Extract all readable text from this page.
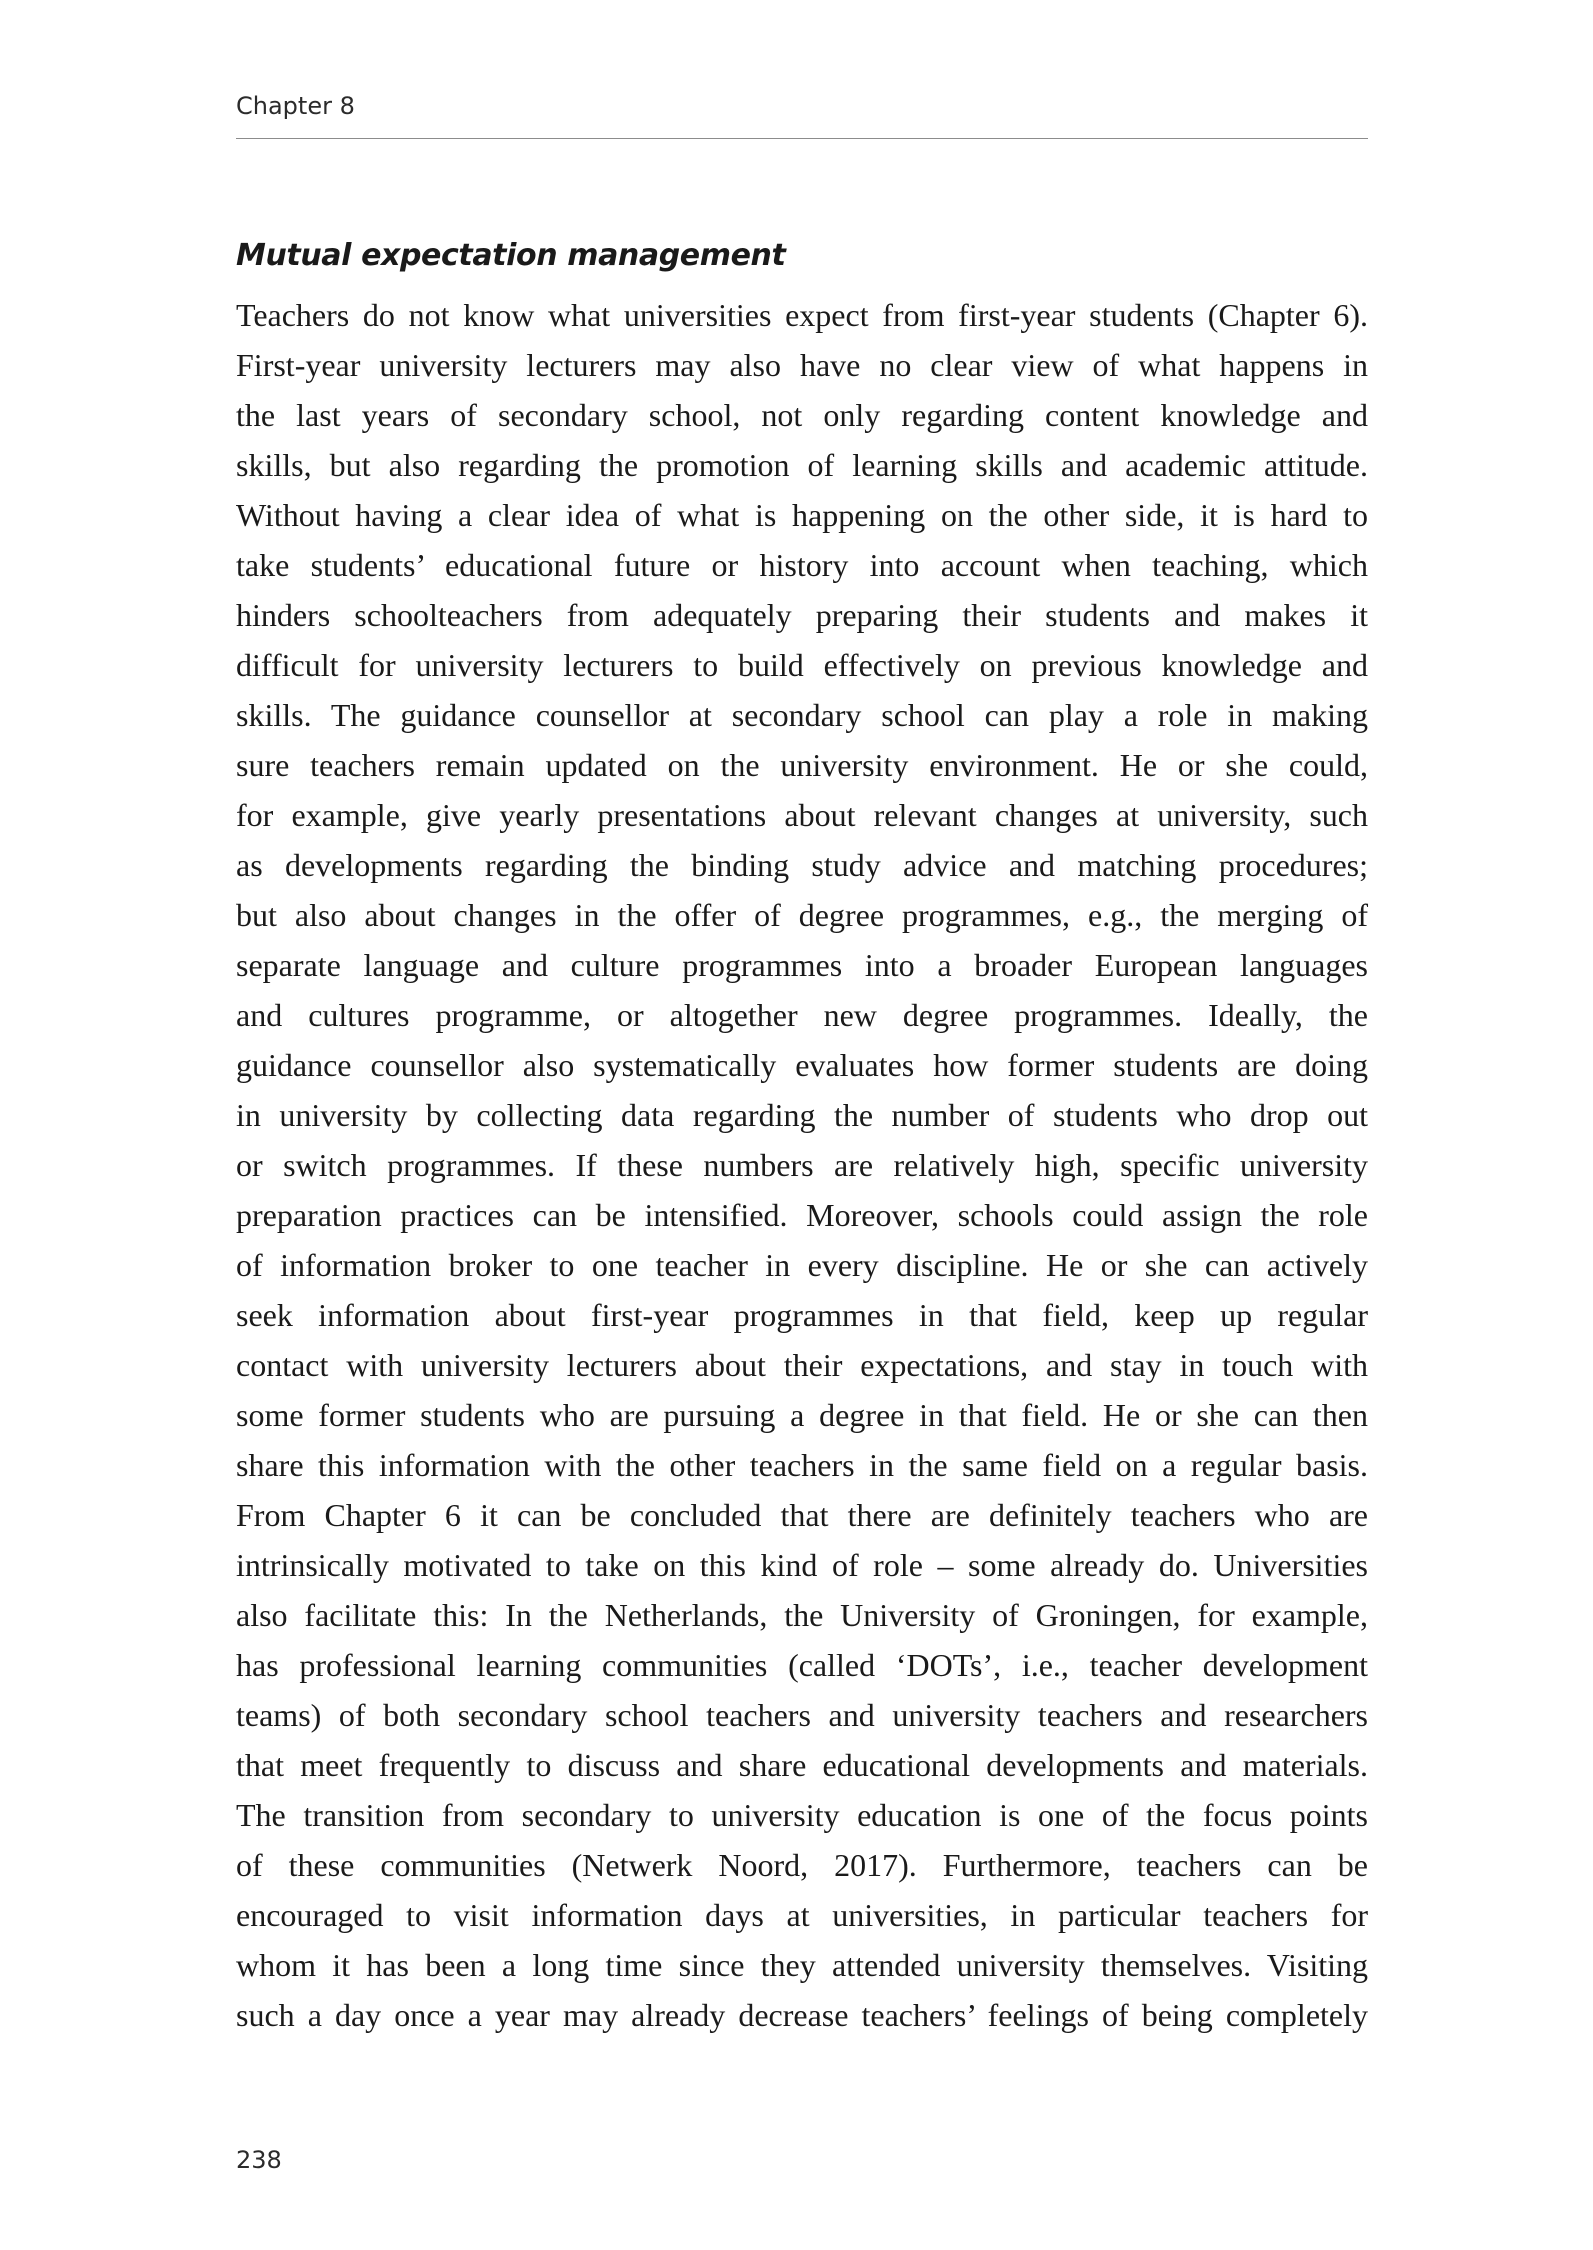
Chapter 8
Mutual expectation management
Teachers do not know what universities expect from first-year students (Chapter 6).
First-year university lecturers may also have no clear view of what happens in
the last years of secondary school, not only regarding content knowledge and
skills, but also regarding the promotion of learning skills and academic attitude.
Without having a clear idea of what is happening on the other side, it is hard to
take students’ educational future or history into account when teaching, which
hinders schoolteachers from adequately preparing their students and makes it
difficult for university lecturers to build effectively on previous knowledge and
skills. The guidance counsellor at secondary school can play a role in making
sure teachers remain updated on the university environment. He or she could,
for example, give yearly presentations about relevant changes at university, such
as developments regarding the binding study advice and matching procedures;
but also about changes in the offer of degree programmes, e.g., the merging of
separate language and culture programmes into a broader European languages
and cultures programme, or altogether new degree programmes. Ideally, the
guidance counsellor also systematically evaluates how former students are doing
in university by collecting data regarding the number of students who drop out
or switch programmes. If these numbers are relatively high, specific university
preparation practices can be intensified. Moreover, schools could assign the role
of information broker to one teacher in every discipline. He or she can actively
seek information about first-year programmes in that field, keep up regular
contact with university lecturers about their expectations, and stay in touch with
some former students who are pursuing a degree in that field. He or she can then
share this information with the other teachers in the same field on a regular basis.
From Chapter 6 it can be concluded that there are definitely teachers who are
intrinsically motivated to take on this kind of role – some already do. Universities
also facilitate this: In the Netherlands, the University of Groningen, for example,
has professional learning communities (called ‘DOTs’, i.e., teacher development
teams) of both secondary school teachers and university teachers and researchers
that meet frequently to discuss and share educational developments and materials.
The transition from secondary to university education is one of the focus points
of these communities (Netwerk Noord, 2017). Furthermore, teachers can be
encouraged to visit information days at universities, in particular teachers for
whom it has been a long time since they attended university themselves. Visiting
such a day once a year may already decrease teachers’ feelings of being completely
238
